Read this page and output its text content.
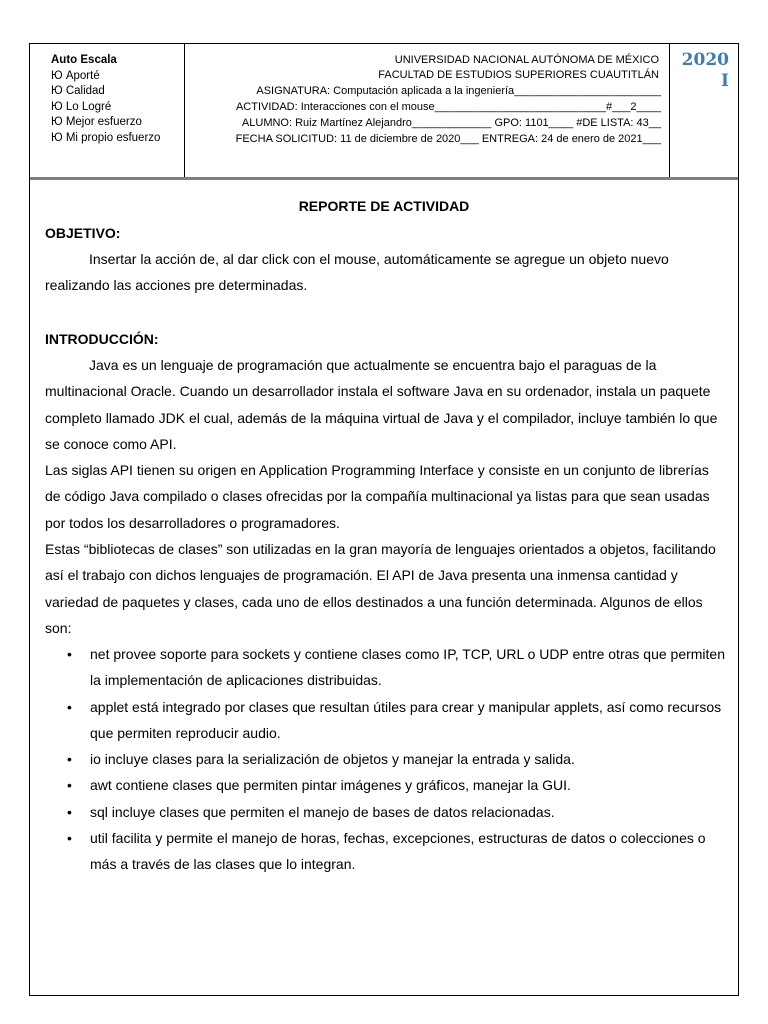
Auto Escala
Ю Aporté
Ю Calidad
Ю Lo Logré
Ю Mejor esfuerzo
Ю Mi propio esfuerzo
UNIVERSIDAD NACIONAL AUTÓNOMA DE MÉXICO
FACULTAD DE ESTUDIOS SUPERIORES CUAUTITLÁN
ASIGNATURA: Computación aplicada a la ingeniería________________________
ACTIVIDAD: Interacciones con el mouse____________________________#___2____
ALUMNO: Ruiz Martínez Alejandro_____________ GPO: 1101____ #DE LISTA: 43__
FECHA SOLICITUD: 11 de diciembre de 2020___ ENTREGA: 24 de enero de 2021___
2020
I
REPORTE DE ACTIVIDAD
OBJETIVO:
Insertar la acción de, al dar click con el mouse, automáticamente se agregue un objeto nuevo realizando las acciones pre determinadas.
INTRODUCCIÓN:
Java es un lenguaje de programación que actualmente se encuentra bajo el paraguas de la multinacional Oracle. Cuando un desarrollador instala el software Java en su ordenador, instala un paquete completo llamado JDK el cual, además de la máquina virtual de Java y el compilador, incluye también lo que se conoce como API.
Las siglas API tienen su origen en Application Programming Interface y consiste en un conjunto de librerías de código Java compilado o clases ofrecidas por la compañía multinacional ya listas para que sean usadas por todos los desarrolladores o programadores.
Estas “bibliotecas de clases” son utilizadas en la gran mayoría de lenguajes orientados a objetos, facilitando así el trabajo con dichos lenguajes de programación. El API de Java presenta una inmensa cantidad y variedad de paquetes y clases, cada uno de ellos destinados a una función determinada. Algunos de ellos son:
• net provee soporte para sockets y contiene clases como IP, TCP, URL o UDP entre otras que permiten la implementación de aplicaciones distribuidas.
• applet está integrado por clases que resultan útiles para crear y manipular applets, así como recursos que permiten reproducir audio.
• io incluye clases para la serialización de objetos y manejar la entrada y salida.
• awt contiene clases que permiten pintar imágenes y gráficos, manejar la GUI.
• sql incluye clases que permiten el manejo de bases de datos relacionadas.
• util facilita y permite el manejo de horas, fechas, excepciones, estructuras de datos o colecciones o más a través de las clases que lo integran.
